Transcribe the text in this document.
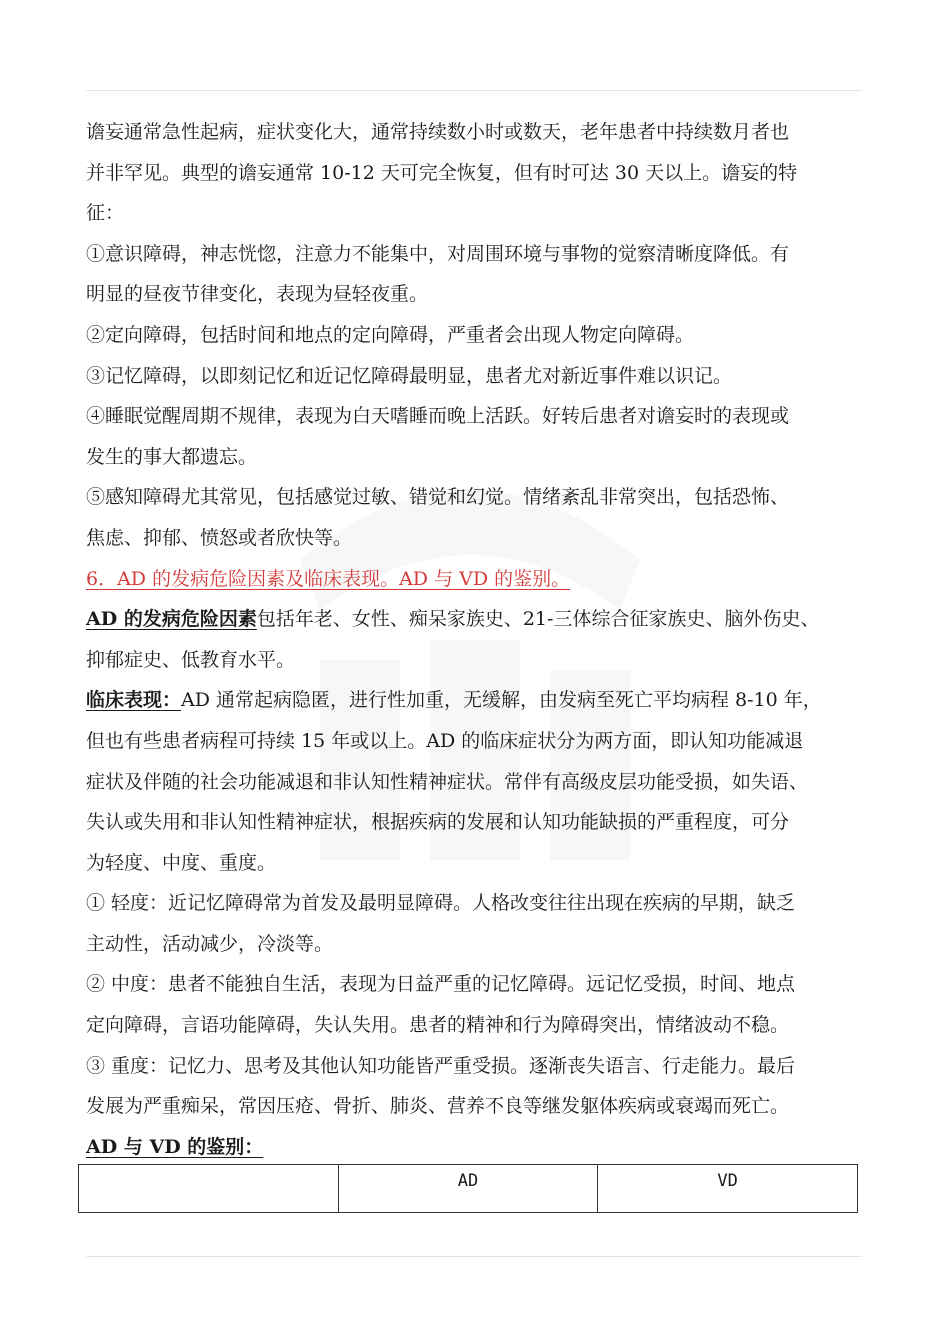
谵妄通常急性起病，症状变化大，通常持续数小时或数天，老年患者中持续数月者也
并非罕见。典型的谵妄通常 10-12 天可完全恢复，但有时可达 30 天以上。谵妄的特
征：
①意识障碍，神志恍惚，注意力不能集中，对周围环境与事物的觉察清晰度降低。有
明显的昼夜节律变化，表现为昼轻夜重。
②定向障碍，包括时间和地点的定向障碍，严重者会出现人物定向障碍。
③记忆障碍，以即刻记忆和近记忆障碍最明显，患者尤对新近事件难以识记。
④睡眠觉醒周期不规律，表现为白天嗜睡而晚上活跃。好转后患者对谵妄时的表现或
发生的事大都遗忘。
⑤感知障碍尤其常见，包括感觉过敏、错觉和幻觉。情绪紊乱非常突出，包括恐怖、
焦虑、抑郁、愤怒或者欣快等。
6．AD 的发病危险因素及临床表现。AD 与 VD 的鉴别。
AD 的发病危险因素包括年老、女性、痴呆家族史、21-三体综合征家族史、脑外伤史、
抑郁症史、低教育水平。
临床表现：AD 通常起病隐匿，进行性加重，无缓解，由发病至死亡平均病程 8-10 年，
但也有些患者病程可持续 15 年或以上。AD 的临床症状分为两方面，即认知功能减退
症状及伴随的社会功能减退和非认知性精神症状。常伴有高级皮层功能受损，如失语、
失认或失用和非认知性精神症状，根据疾病的发展和认知功能缺损的严重程度，可分
为轻度、中度、重度。
① 轻度：近记忆障碍常为首发及最明显障碍。人格改变往往出现在疾病的早期，缺乏
主动性，活动减少，冷淡等。
② 中度：患者不能独自生活，表现为日益严重的记忆障碍。远记忆受损，时间、地点
定向障碍，言语功能障碍，失认失用。患者的精神和行为障碍突出，情绪波动不稳。
③ 重度：记忆力、思考及其他认知功能皆严重受损。逐渐丧失语言、行走能力。最后
发展为严重痴呆，常因压疮、骨折、肺炎、营养不良等继发躯体疾病或衰竭而死亡。
AD 与 VD 的鉴别：
	AD	VD
